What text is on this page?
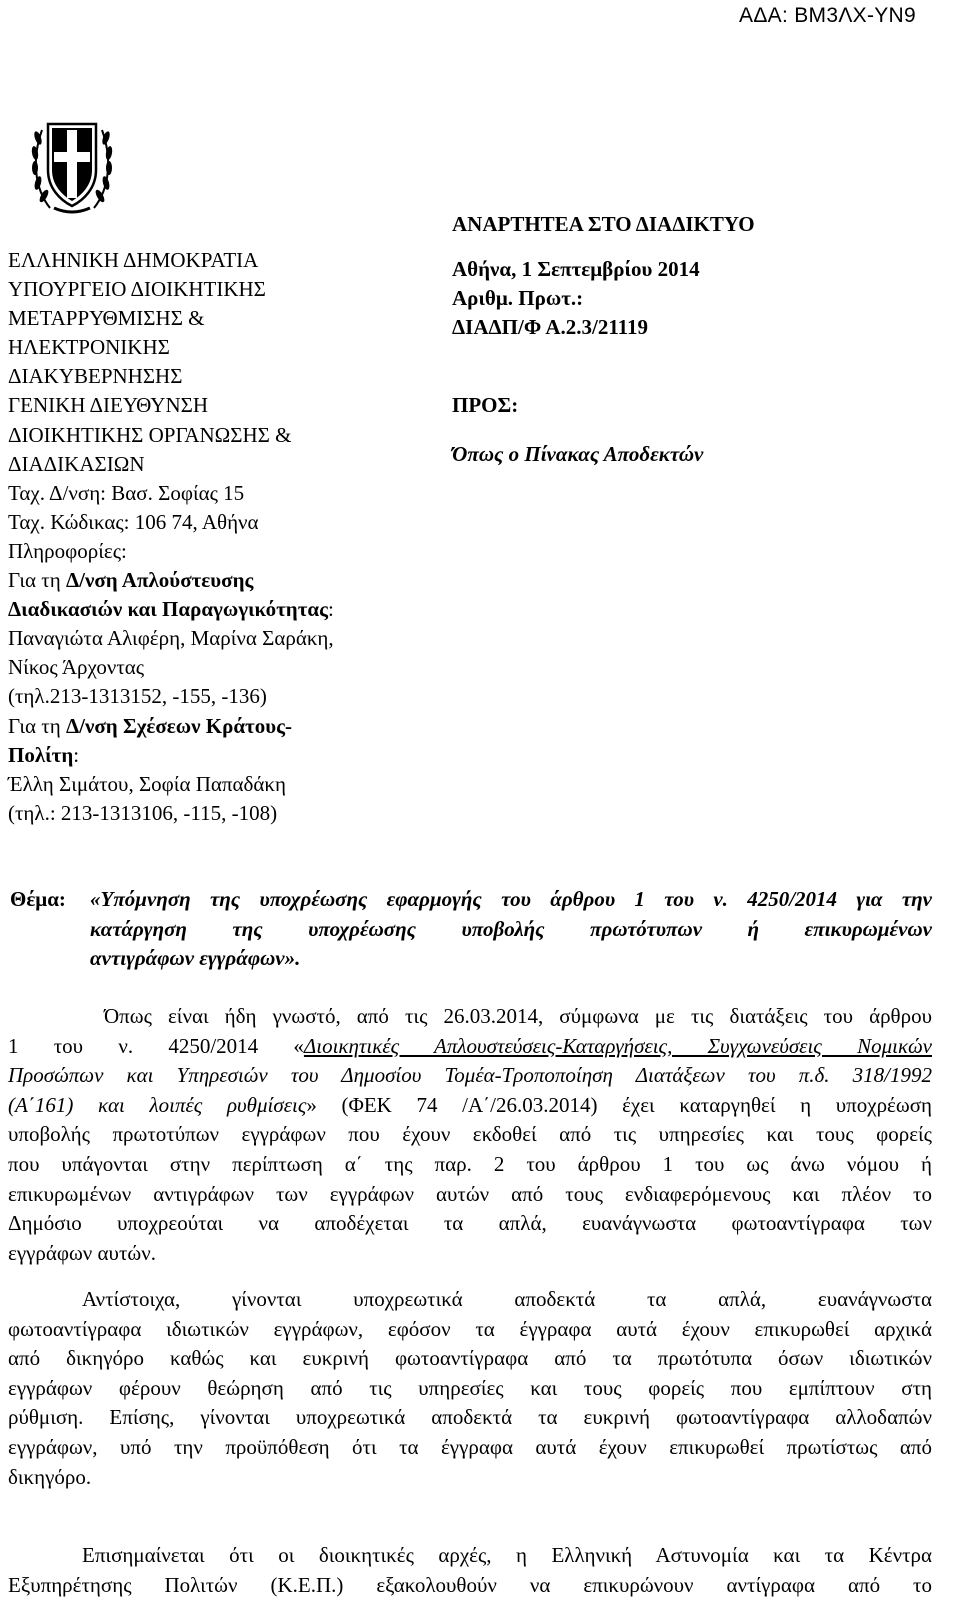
ΑΔΑ: ΒΜ3ΛΧ-ΥΝ9
ΕΛΛΗΝΙΚΗ ΔΗΜΟΚΡΑΤΙΑ
ΥΠΟΥΡΓΕΙΟ ΔΙΟΙΚΗΤΙΚΗΣ
ΜΕΤΑΡΡΥΘΜΙΣΗΣ &
ΗΛΕΚΤΡΟΝΙΚΗΣ
ΔΙΑΚΥΒΕΡΝΗΣΗΣ
ΓΕΝΙΚΗ ΔΙΕΥΘΥΝΣΗ
ΔΙΟΙΚΗΤΙΚΗΣ ΟΡΓΑΝΩΣΗΣ &
ΔΙΑΔΙΚΑΣΙΩΝ
Ταχ. Δ/νση: Βασ. Σοφίας 15
Ταχ. Κώδικας: 106 74, Αθήνα
Πληροφορίες:
Για τη Δ/νση Απλούστευσης
Διαδικασιών και Παραγωγικότητας:
Παναγιώτα Αλιφέρη, Μαρίνα Σαράκη,
Νίκος Άρχοντας
(τηλ.213-1313152, -155, -136)
Για τη Δ/νση Σχέσεων Κράτους-
Πολίτη:
Έλλη Σιμάτου, Σοφία Παπαδάκη
(τηλ.: 213-1313106, -115, -108)
ΑΝΑΡΤΗΤΕΑ ΣΤΟ ΔΙΑΔΙΚΤΥΟ
Αθήνα, 1 Σεπτεμβρίου 2014
Αριθμ. Πρωτ.:
ΔΙΑΔΠ/Φ Α.2.3/21119
ΠΡΟΣ:
Όπως ο Πίνακας Αποδεκτών
Θέμα: «Υπόμνηση της υποχρέωσης εφαρμογής του άρθρου 1 του ν. 4250/2014 για την
κατάργηση της υποχρέωσης υποβολής πρωτότυπων ή επικυρωμένων
αντιγράφων εγγράφων».
Όπως είναι ήδη γνωστό, από τις 26.03.2014, σύμφωνα με τις διατάξεις του άρθρου
1 του ν. 4250/2014 «Διοικητικές Απλουστεύσεις-Καταργήσεις, Συγχωνεύσεις Νομικών
Προσώπων και Υπηρεσιών του Δημοσίου Τομέα-Τροποποίηση Διατάξεων του π.δ. 318/1992
(Α΄161) και λοιπές ρυθμίσεις» (ΦΕΚ 74 /Α΄/26.03.2014) έχει καταργηθεί η υποχρέωση
υποβολής πρωτοτύπων εγγράφων που έχουν εκδοθεί από τις υπηρεσίες και τους φορείς
που υπάγονται στην περίπτωση α΄ της παρ. 2 του άρθρου 1 του ως άνω νόμου ή
επικυρωμένων αντιγράφων των εγγράφων αυτών από τους ενδιαφερόμενους και πλέον το
Δημόσιο υποχρεούται να αποδέχεται τα απλά, ευανάγνωστα φωτοαντίγραφα των
εγγράφων αυτών.
Αντίστοιχα, γίνονται υποχρεωτικά αποδεκτά τα απλά, ευανάγνωστα
φωτοαντίγραφα ιδιωτικών εγγράφων, εφόσον τα έγγραφα αυτά έχουν επικυρωθεί αρχικά
από δικηγόρο καθώς και ευκρινή φωτοαντίγραφα από τα πρωτότυπα όσων ιδιωτικών
εγγράφων φέρουν θεώρηση από τις υπηρεσίες και τους φορείς που εμπίπτουν στη
ρύθμιση. Επίσης, γίνονται υποχρεωτικά αποδεκτά τα ευκρινή φωτοαντίγραφα αλλοδαπών
εγγράφων, υπό την προϋπόθεση ότι τα έγγραφα αυτά έχουν επικυρωθεί πρωτίστως από
δικηγόρο.
Επισημαίνεται ότι οι διοικητικές αρχές, η Ελληνική Αστυνομία και τα Κέντρα
Εξυπηρέτησης Πολιτών (Κ.Ε.Π.) εξακολουθούν να επικυρώνουν αντίγραφα από το
